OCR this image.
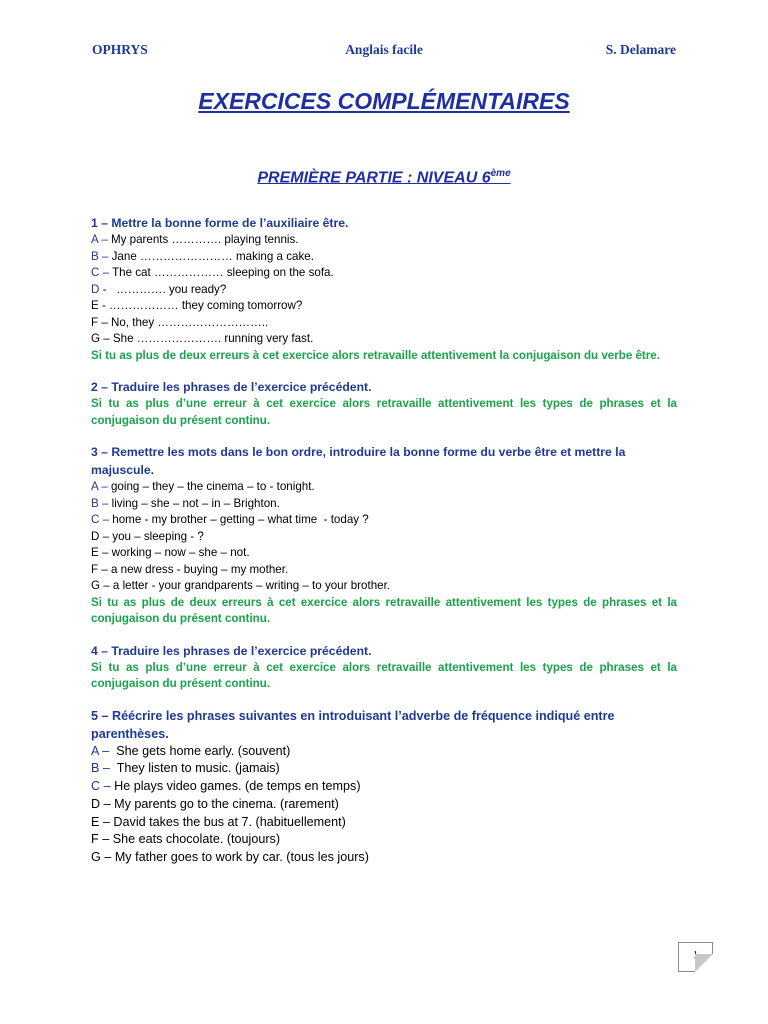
OPHRYS	Anglais facile	S. Delamare
EXERCICES COMPLÉMENTAIRES
PREMIÈRE PARTIE : NIVEAU 6ème
1 – Mettre la bonne forme de l’auxiliaire être.
A – My parents …………. playing tennis.
B – Jane …………………… making a cake.
C – The cat ……………… sleeping on the sofa.
D -   …………. you ready?
E - ……………… they coming tomorrow?
F – No, they ………………………..
G – She …………………. running very fast.
Si tu as plus de deux erreurs à cet exercice alors retravaille attentivement la conjugaison du verbe être.
2 – Traduire les phrases de l’exercice précédent.
Si tu as plus d’une erreur à cet exercice alors retravaille attentivement les types de phrases et la conjugaison du présent continu.
3 – Remettre les mots dans le bon ordre, introduire la bonne forme du verbe être et mettre la majuscule.
A – going – they – the cinema – to - tonight.
B – living – she – not – in – Brighton.
C – home - my brother – getting – what time  - today ?
D – you – sleeping - ?
E – working – now – she – not.
F – a new dress - buying – my mother.
G – a letter - your grandparents – writing – to your brother.
Si tu as plus de deux erreurs à cet exercice alors retravaille attentivement les types de phrases et la conjugaison du présent continu.
4 – Traduire les phrases de l’exercice précédent.
Si tu as plus d’une erreur à cet exercice alors retravaille attentivement les types de phrases et la conjugaison du présent continu.
5 – Réécrire les phrases suivantes en introduisant l’adverbe de fréquence indiqué entre parenthèses.
A –  She gets home early. (souvent)
B –  They listen to music. (jamais)
C – He plays video games. (de temps en temps)
D – My parents go to the cinema. (rarement)
E – David takes the bus at 7. (habituellement)
F – She eats chocolate. (toujours)
G – My father goes to work by car. (tous les jours)
1
